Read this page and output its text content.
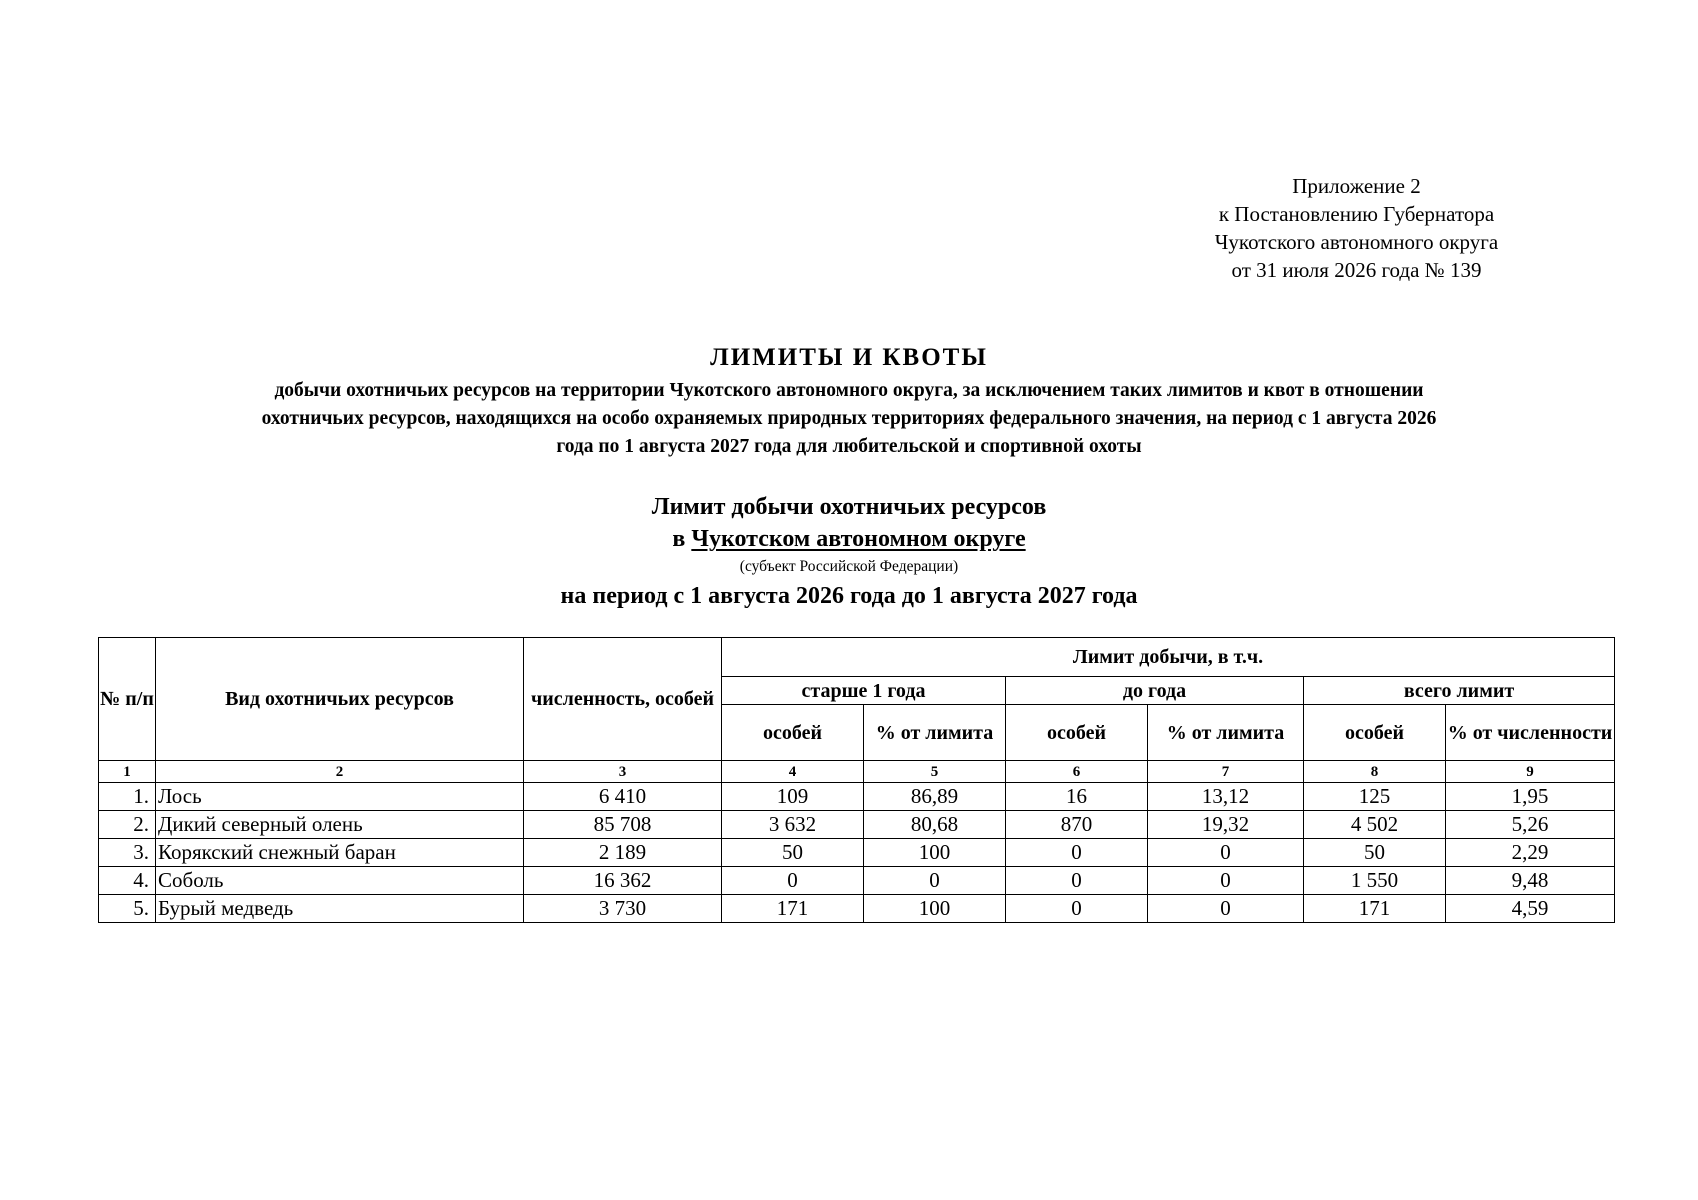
Приложение 2
к Постановлению Губернатора
Чукотского автономного округа
от 31 июля 2026 года № 139
ЛИМИТЫ И КВОТЫ
добычи охотничьих ресурсов на территории Чукотского автономного округа, за исключением таких лимитов и квот в отношении
охотничьих ресурсов, находящихся на особо охраняемых природных территориях федерального значения, на период с 1 августа 2026
года по 1 августа 2027 года для любительской и спортивной охоты
Лимит добычи охотничьих ресурсов
в Чукотском автономном округе
(субъект Российской Федерации)
на период с 1 августа 2026 года до 1 августа 2027 года
№ п/п	Вид охотничьих ресурсов	численность, особей	Лимит добычи, в т.ч.					
			старше 1 года		до года		всего лимит	
			особей	% от лимита	особей	% от лимита	особей	% от численности
1	2	3	4	5	6	7	8	9
1.	Лось	6 410	109	86,89	16	13,12	125	1,95
2.	Дикий северный олень	85 708	3 632	80,68	870	19,32	4 502	5,26
3.	Корякский снежный баран	2 189	50	100	0	0	50	2,29
4.	Соболь	16 362	0	0	0	0	1 550	9,48
5.	Бурый медведь	3 730	171	100	0	0	171	4,59
